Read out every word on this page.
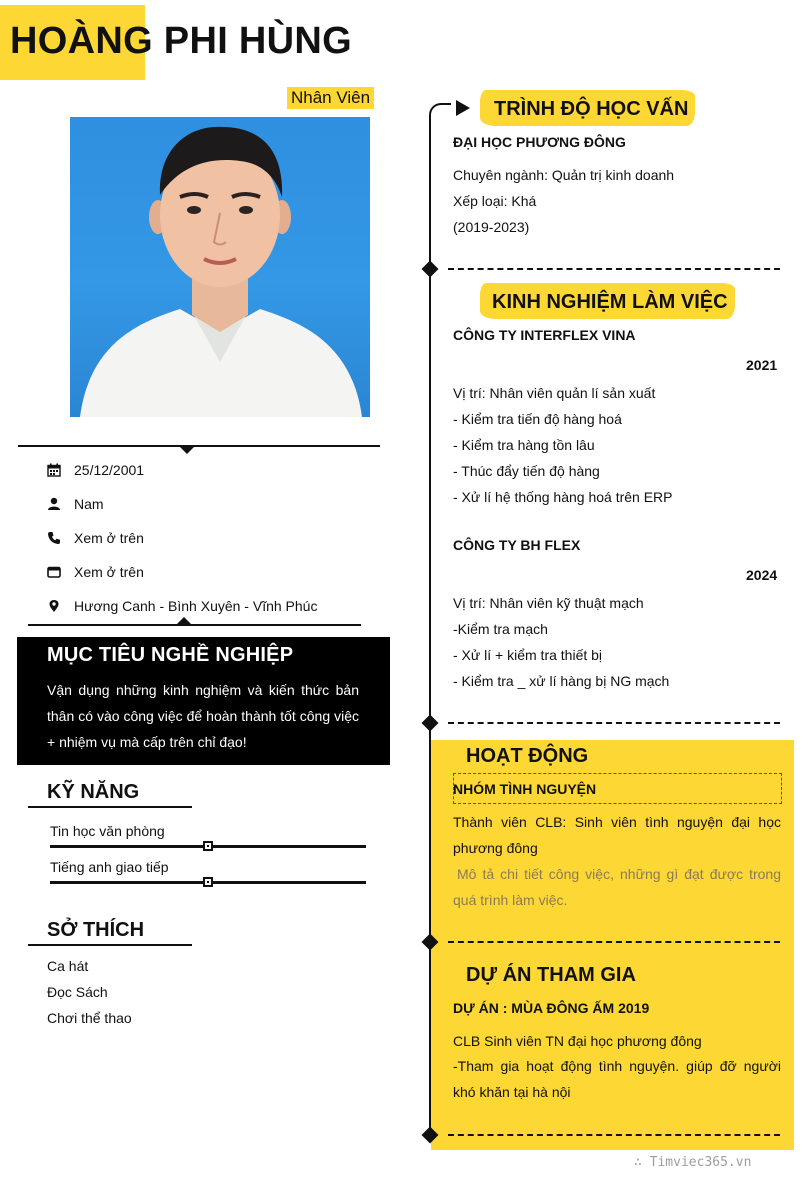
HOÀNG PHI HÙNG
Nhân Viên
25/12/2001
Nam
Xem ở trên
Xem ở trên
Hương Canh - Bình Xuyên - Vĩnh Phúc
MỤC TIÊU NGHỀ NGHIỆP
Vận dụng những kinh nghiệm và kiến thức bản thân có vào công việc để hoàn thành tốt công việc + nhiệm vụ mà cấp trên chỉ đạo!
KỸ NĂNG
Tin học văn phòng
Tiếng anh giao tiếp
SỞ THÍCH
Ca hát
Đọc Sách
Chơi thể thao
TRÌNH ĐỘ HỌC VẤN
ĐẠI HỌC PHƯƠNG ĐÔNG
Chuyên ngành: Quản trị kinh doanh
Xếp loại: Khá
(2019-2023)
KINH NGHIỆM LÀM VIỆC
CÔNG TY INTERFLEX VINA
2021
Vị trí: Nhân viên quản lí sản xuất
- Kiểm tra tiến độ hàng hoá
- Kiểm tra hàng tồn lâu
- Thúc đẩy tiến độ hàng
- Xử lí hệ thống hàng hoá trên ERP
CÔNG TY BH FLEX
2024
Vị trí: Nhân viên kỹ thuật mạch
-Kiểm tra mạch
- Xử lí + kiểm tra thiết bị
- Kiểm tra _ xử lí hàng bị NG mạch
HOẠT ĐỘNG
NHÓM TÌNH NGUYỆN
Thành viên CLB: Sinh viên tình nguyện đại học phương đông
Mô tả chi tiết công việc, những gì đạt được trong quá trình làm việc.
DỰ ÁN THAM GIA
DỰ ÁN : MÙA ĐÔNG ẤM 2019
CLB Sinh viên TN đại học phương đông
-Tham gia hoạt động tình nguyện. giúp đỡ người khó khăn tại hà nội
∴ Timviec365.vn
